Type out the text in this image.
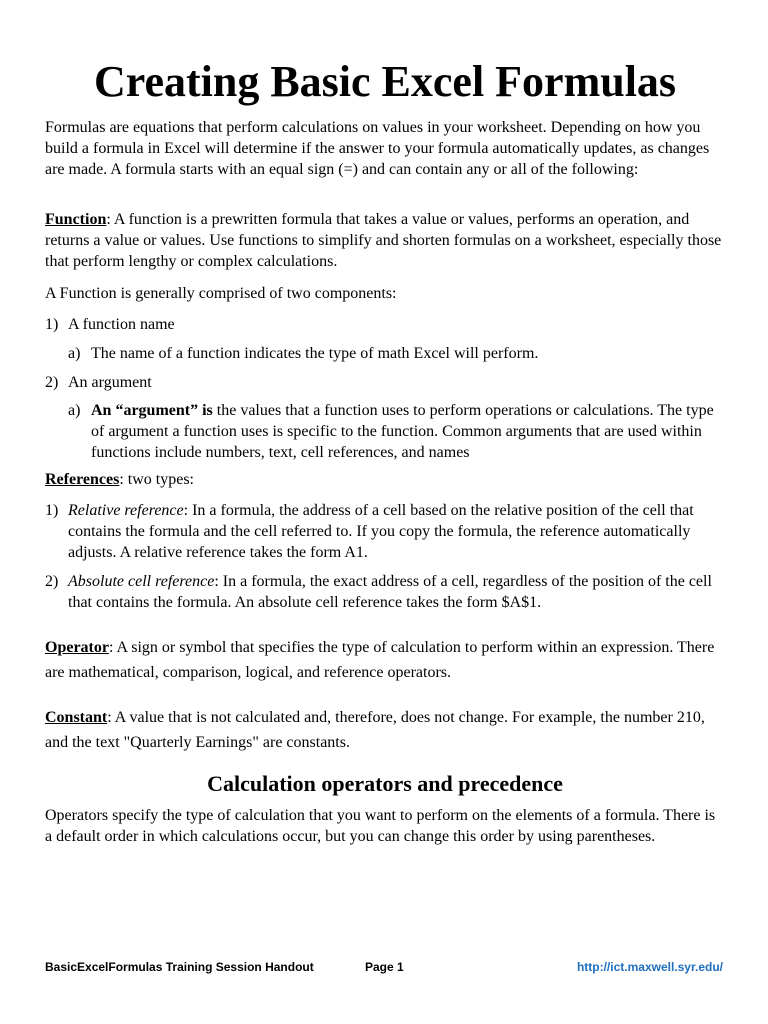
Creating Basic Excel Formulas

Formulas are equations that perform calculations on values in your worksheet. Depending on how you build a formula in Excel will determine if the answer to your formula automatically updates, as changes are made. A formula starts with an equal sign (=) and can contain any or all of the following:

Function: A function is a prewritten formula that takes a value or values, performs an operation, and returns a value or values. Use functions to simplify and shorten formulas on a worksheet, especially those that perform lengthy or complex calculations.

A Function is generally comprised of two components:

1) A function name
a) The name of a function indicates the type of math Excel will perform.
2) An argument
a) An “argument” is the values that a function uses to perform operations or calculations. The type of argument a function uses is specific to the function. Common arguments that are used within functions include numbers, text, cell references, and names

References: two types:

1) Relative reference: In a formula, the address of a cell based on the relative position of the cell that contains the formula and the cell referred to. If you copy the formula, the reference automatically adjusts. A relative reference takes the form A1.
2) Absolute cell reference: In a formula, the exact address of a cell, regardless of the position of the cell that contains the formula. An absolute cell reference takes the form $A$1.

Operator: A sign or symbol that specifies the type of calculation to perform within an expression. There are mathematical, comparison, logical, and reference operators.

Constant: A value that is not calculated and, therefore, does not change. For example, the number 210, and the text "Quarterly Earnings" are constants.

Calculation operators and precedence

Operators specify the type of calculation that you want to perform on the elements of a formula. There is a default order in which calculations occur, but you can change this order by using parentheses.

BasicExcelFormulas Training Session Handout	Page 1	http://ict.maxwell.syr.edu/
